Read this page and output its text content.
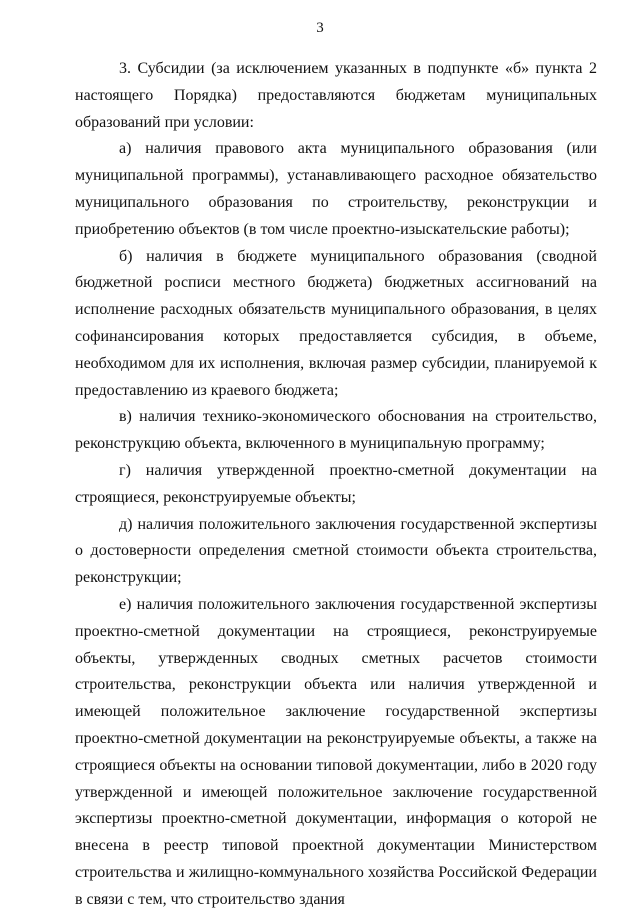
3

3. Субсидии (за исключением указанных в подпункте «б» пункта 2 настоящего Порядка) предоставляются бюджетам муниципальных образований при условии:

а) наличия правового акта муниципального образования (или муниципальной программы), устанавливающего расходное обязательство муниципального образования по строительству, реконструкции и приобретению объектов (в том числе проектно-изыскательские работы);

б) наличия в бюджете муниципального образования (сводной бюджетной росписи местного бюджета) бюджетных ассигнований на исполнение расходных обязательств муниципального образования, в целях софинансирования которых предоставляется субсидия, в объеме, необходимом для их исполнения, включая размер субсидии, планируемой к предоставлению из краевого бюджета;

в) наличия технико-экономического обоснования на строительство, реконструкцию объекта, включенного в муниципальную программу;

г) наличия утвержденной проектно-сметной документации на строящиеся, реконструируемые объекты;

д) наличия положительного заключения государственной экспертизы о достоверности определения сметной стоимости объекта строительства, реконструкции;

е) наличия положительного заключения государственной экспертизы проектно-сметной документации на строящиеся, реконструируемые объекты, утвержденных сводных сметных расчетов стоимости строительства, реконструкции объекта или наличия утвержденной и имеющей положительное заключение государственной экспертизы проектно-сметной документации на реконструируемые объекты, а также на строящиеся объекты на основании типовой документации, либо в 2020 году утвержденной и имеющей положительное заключение государственной экспертизы проектно-сметной документации, информация о которой не внесена в реестр типовой проектной документации Министерством строительства и жилищно-коммунального хозяйства Российской Федерации в связи с тем, что строительство здания
